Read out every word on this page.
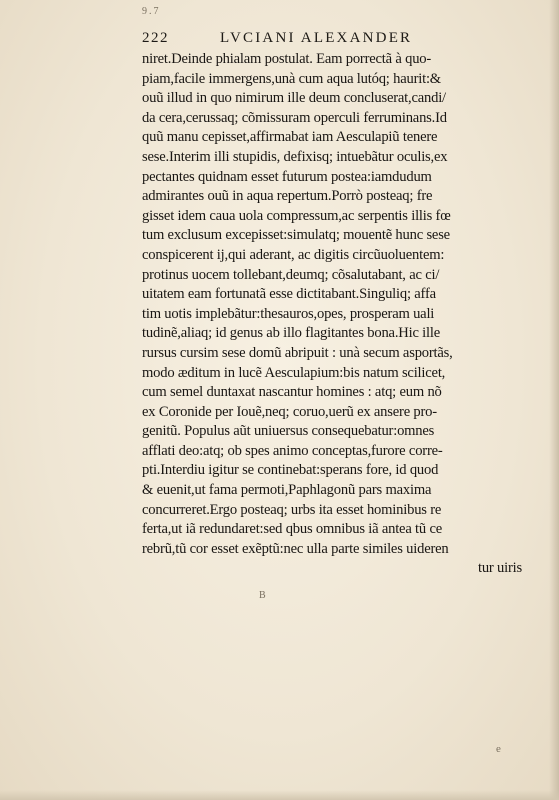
9.7
222	LVCIANI ALEXANDER
niret.Deinde phialam postulat. Eam porrectã à quo-
piam,facile immergens,unà cum aqua lutóq; haurit:&
ouũ illud in quo nimirum ille deum concluserat,candi/
da cera,cerussaq; cõmissuram operculi ferruminans.Id
quũ manu cepisset,affirmabat iam Aesculapiũ tenere
sese.Interim illi stupidis, defixisq; intuebãtur oculis,ex
pectantes quidnam esset futurum postea:iamdudum
admirantes ouũ in aqua repertum.Porrò posteaq; fre
gisset idem caua uola compressum,ac serpentis illis fœ
tum exclusum excepisset:simulatq; mouentẽ hunc sese
conspicerent ij,qui aderant, ac digitis circũuoluentem:
protinus uocem tollebant,deumq; cõsalutabant, ac ci/
uitatem eam fortunatã esse dictitabant.Singuliq; affa
tim uotis implebãtur:thesauros,opes, prosperam uali
tudinẽ,aliaq; id genus ab illo flagitantes bona.Hic ille
rursus cursim sese domũ abripuit : unà secum asportãs,
modo æditum in lucẽ Aesculapium:bis natum scilicet,
cum semel duntaxat nascantur homines : atq; eum nõ
ex Coronide per Iouẽ,neq; coruo,uerũ ex ansere pro-
genitũ. Populus aũt uniuersus consequebatur:omnes
afflati deo:atq; ob spes animo conceptas,furore corre-
pti.Interdiu igitur se continebat:sperans fore, id quod
& euenit,ut fama permoti,Paphlagonũ pars maxima
concurreret.Ergo posteaq; urbs ita esset hominibus re
ferta,ut iã redundaret:sed qbus omnibus iã antea tũ ce
rebrũ,tũ cor esset exẽptũ:nec ulla parte similes uideren
tur uiris
B
e
